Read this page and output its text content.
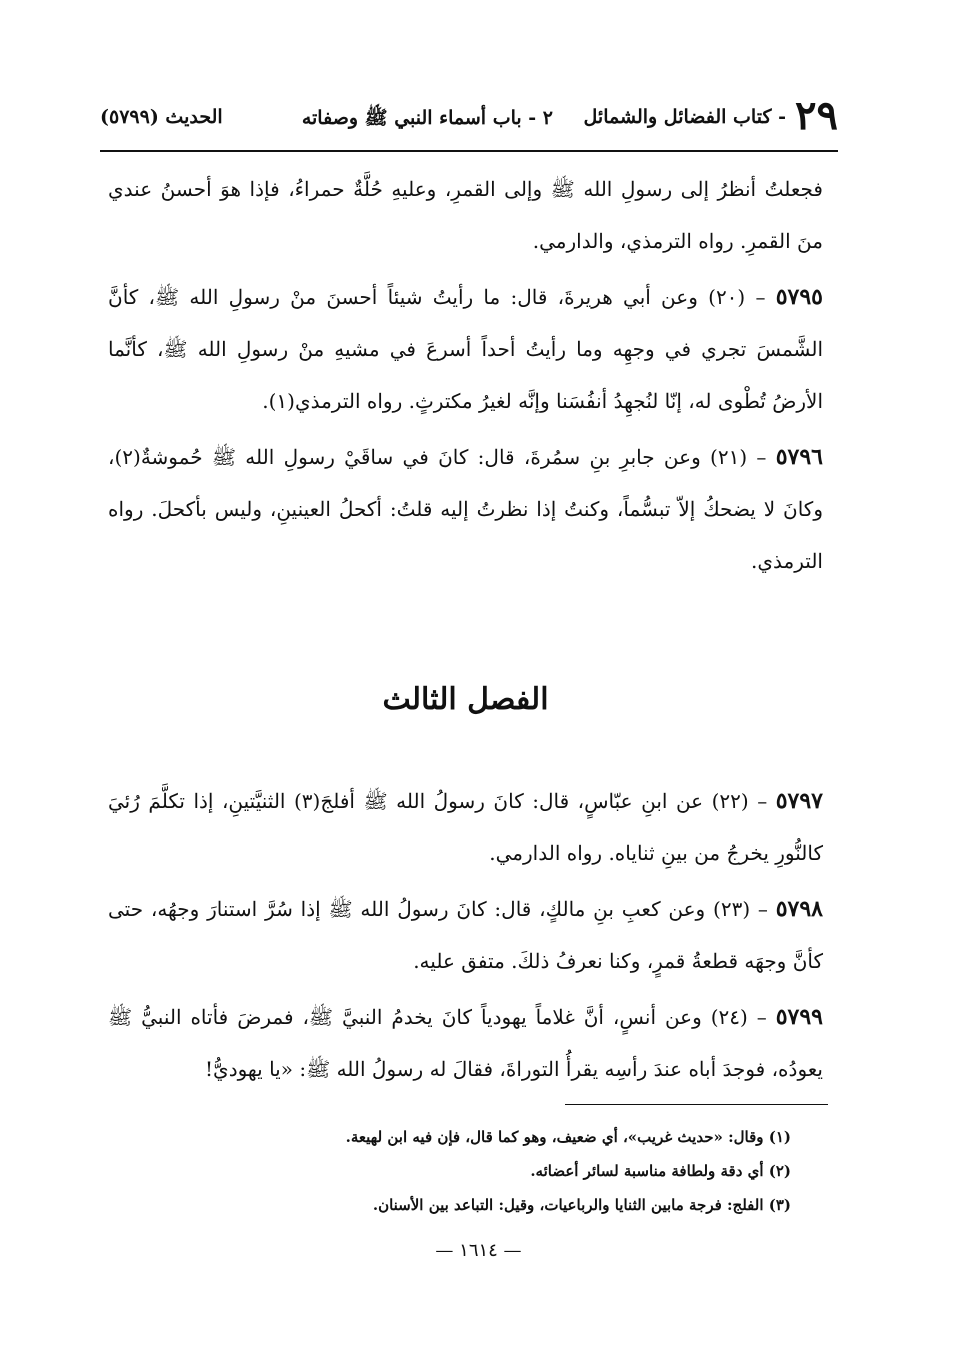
٢٩
- كتاب الفضائل والشمائل
٢ - باب أسماء النبي ﷺ وصفاته
الحديث (٥٧٩٩)

فجعلتُ أنظرُ إلى رسولِ الله ﷺ وإلى القمرِ، وعليهِ حُلَّةٌ حمراءُ، فإذا هوَ أحسنُ عندي منَ القمرِ. رواه الترمذي، والدارمي.

٥٧٩٥ – (٢٠) وعن أبي هريرةَ، قال: ما رأيتُ شيئاً أحسنَ منْ رسولِ الله ﷺ، كأنَّ الشَّمسَ تجري في وجهِه وما رأيتُ أحداً أسرعَ في مشيهِ منْ رسولِ الله ﷺ، كأنَّما الأرضُ تُطْوى له، إنّا لنُجهِدُ أنفُسَنا وإنَّه لغيرُ مكترثٍ. رواه الترمذي(١).

٥٧٩٦ – (٢١) وعن جابرِ بنِ سمُرةَ، قال: كانَ في ساقَيْ رسولِ الله ﷺ حُموشةٌ(٢)، وكانَ لا يضحكُ إلاّ تبسُّماً، وكنتُ إذا نظرتُ إليه قلتُ: أكحلُ العينينِ، وليس بأكحلَ. رواه الترمذي.

الفصل الثالث

٥٧٩٧ – (٢٢) عن ابنِ عبّاسٍ، قال: كانَ رسولُ الله ﷺ أفلجَ(٣) الثنيَّتينِ، إذا تكلَّمَ رُئيَ كالنُّورِ يخرجُ من بينِ ثناياه. رواه الدارمي.

٥٧٩٨ – (٢٣) وعن كعبِ بنِ مالكٍ، قال: كانَ رسولُ الله ﷺ إذا سُرَّ استنارَ وجهُه، حتى كأنَّ وجهَه قطعةُ قمرٍ، وكنا نعرفُ ذلكَ. متفق عليه.

٥٧٩٩ – (٢٤) وعن أنسٍ، أنَّ غلاماً يهودياً كانَ يخدمُ النبيَّ ﷺ، فمرضَ فأتاه النبيُّ ﷺ يعودُه، فوجدَ أباه عندَ رأسِه يقرأُ التوراةَ، فقالَ له رسولُ الله ﷺ: «يا يهوديُّ!

(١) وقال: «حديث غريب»، أي ضعيف، وهو كما قال، فإن فيه ابن لهيعة.

(٢) أي دقة ولطافة مناسبة لسائر أعضائه.

(٣) الفلج: فرجة مابين الثنايا والرباعيات، وقيل: التباعد بين الأسنان.

— ١٦١٤ —
